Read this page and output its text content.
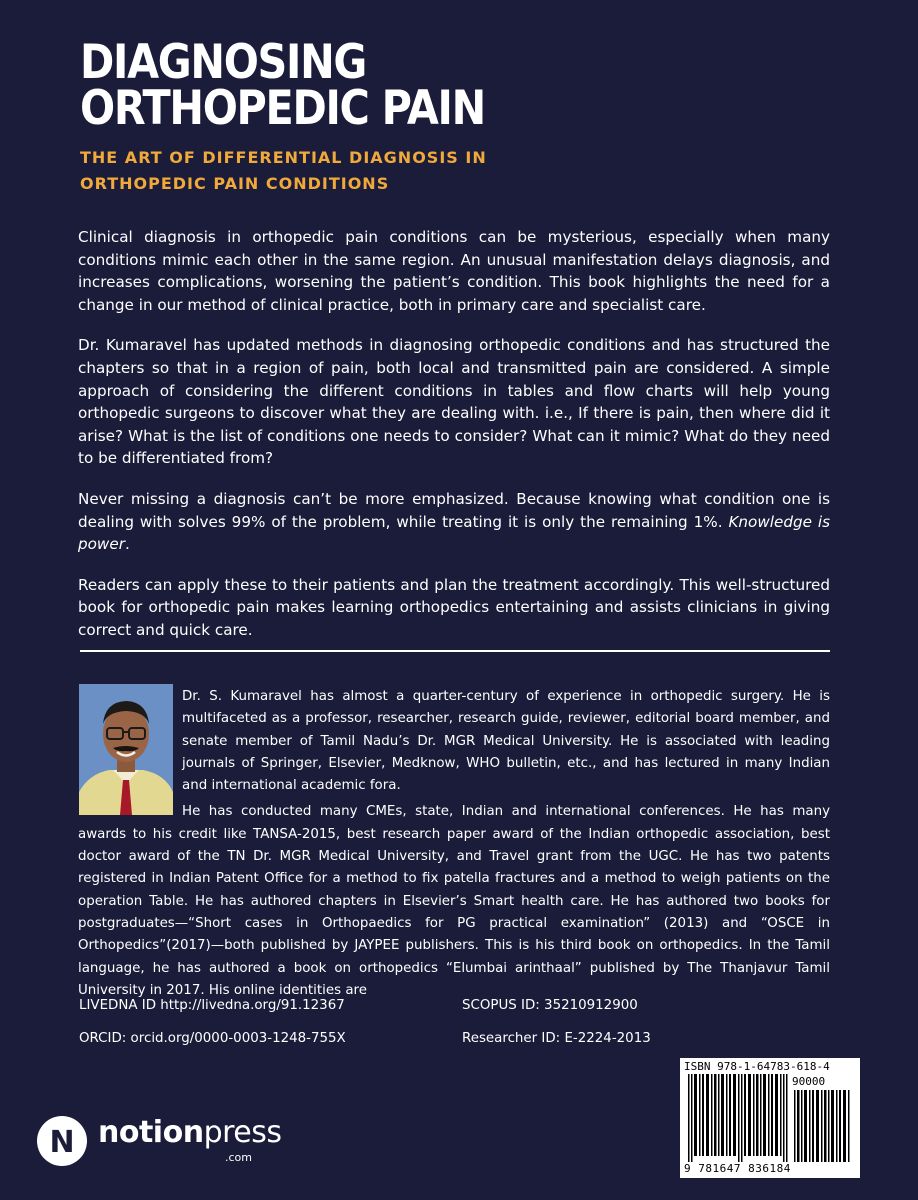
DIAGNOSING
ORTHOPEDIC PAIN
THE ART OF DIFFERENTIAL DIAGNOSIS IN
ORTHOPEDIC PAIN CONDITIONS

Clinical diagnosis in orthopedic pain conditions can be mysterious, especially when many conditions mimic each other in the same region. An unusual manifestation delays diagnosis, and increases complications, worsening the patient’s condition. This book highlights the need for a change in our method of clinical practice, both in primary care and specialist care.

Dr. Kumaravel has updated methods in diagnosing orthopedic conditions and has structured the chapters so that in a region of pain, both local and transmitted pain are considered. A simple approach of considering the different conditions in tables and flow charts will help young orthopedic surgeons to discover what they are dealing with. i.e., If there is pain, then where did it arise? What is the list of conditions one needs to consider? What can it mimic? What do they need to be differentiated from?

Never missing a diagnosis can’t be more emphasized. Because knowing what condition one is dealing with solves 99% of the problem, while treating it is only the remaining 1%. Knowledge is power.

Readers can apply these to their patients and plan the treatment accordingly. This well-structured book for orthopedic pain makes learning orthopedics entertaining and assists clinicians in giving correct and quick care.

Dr. S. Kumaravel has almost a quarter-century of experience in orthopedic surgery. He is multifaceted as a professor, researcher, research guide, reviewer, editorial board member, and senate member of Tamil Nadu’s Dr. MGR Medical University. He is associated with leading journals of Springer, Elsevier, Medknow, WHO bulletin, etc., and has lectured in many Indian and international academic fora.

He has conducted many CMEs, state, Indian and international conferences. He has many awards to his credit like TANSA-2015, best research paper award of the Indian orthopedic association, best doctor award of the TN Dr. MGR Medical University, and Travel grant from the UGC. He has two patents registered in Indian Patent Office for a method to fix patella fractures and a method to weigh patients on the operation Table. He has authored chapters in Elsevier’s Smart health care. He has authored two books for postgraduates—“Short cases in Orthopaedics for PG practical examination” (2013) and “OSCE in Orthopedics”(2017)—both published by JAYPEE publishers. This is his third book on orthopedics. In the Tamil language, he has authored a book on orthopedics “Elumbai arinthaal” published by The Thanjavur Tamil University in 2017. His online identities are

LIVEDNA ID http://livedna.org/91.12367	SCOPUS ID: 35210912900
ORCID: orcid.org/0000-0003-1248-755X	Researcher ID: E-2224-2013
ISBN 978-1-64783-618-4
90000
9 781647 836184
N notionpress
.com
